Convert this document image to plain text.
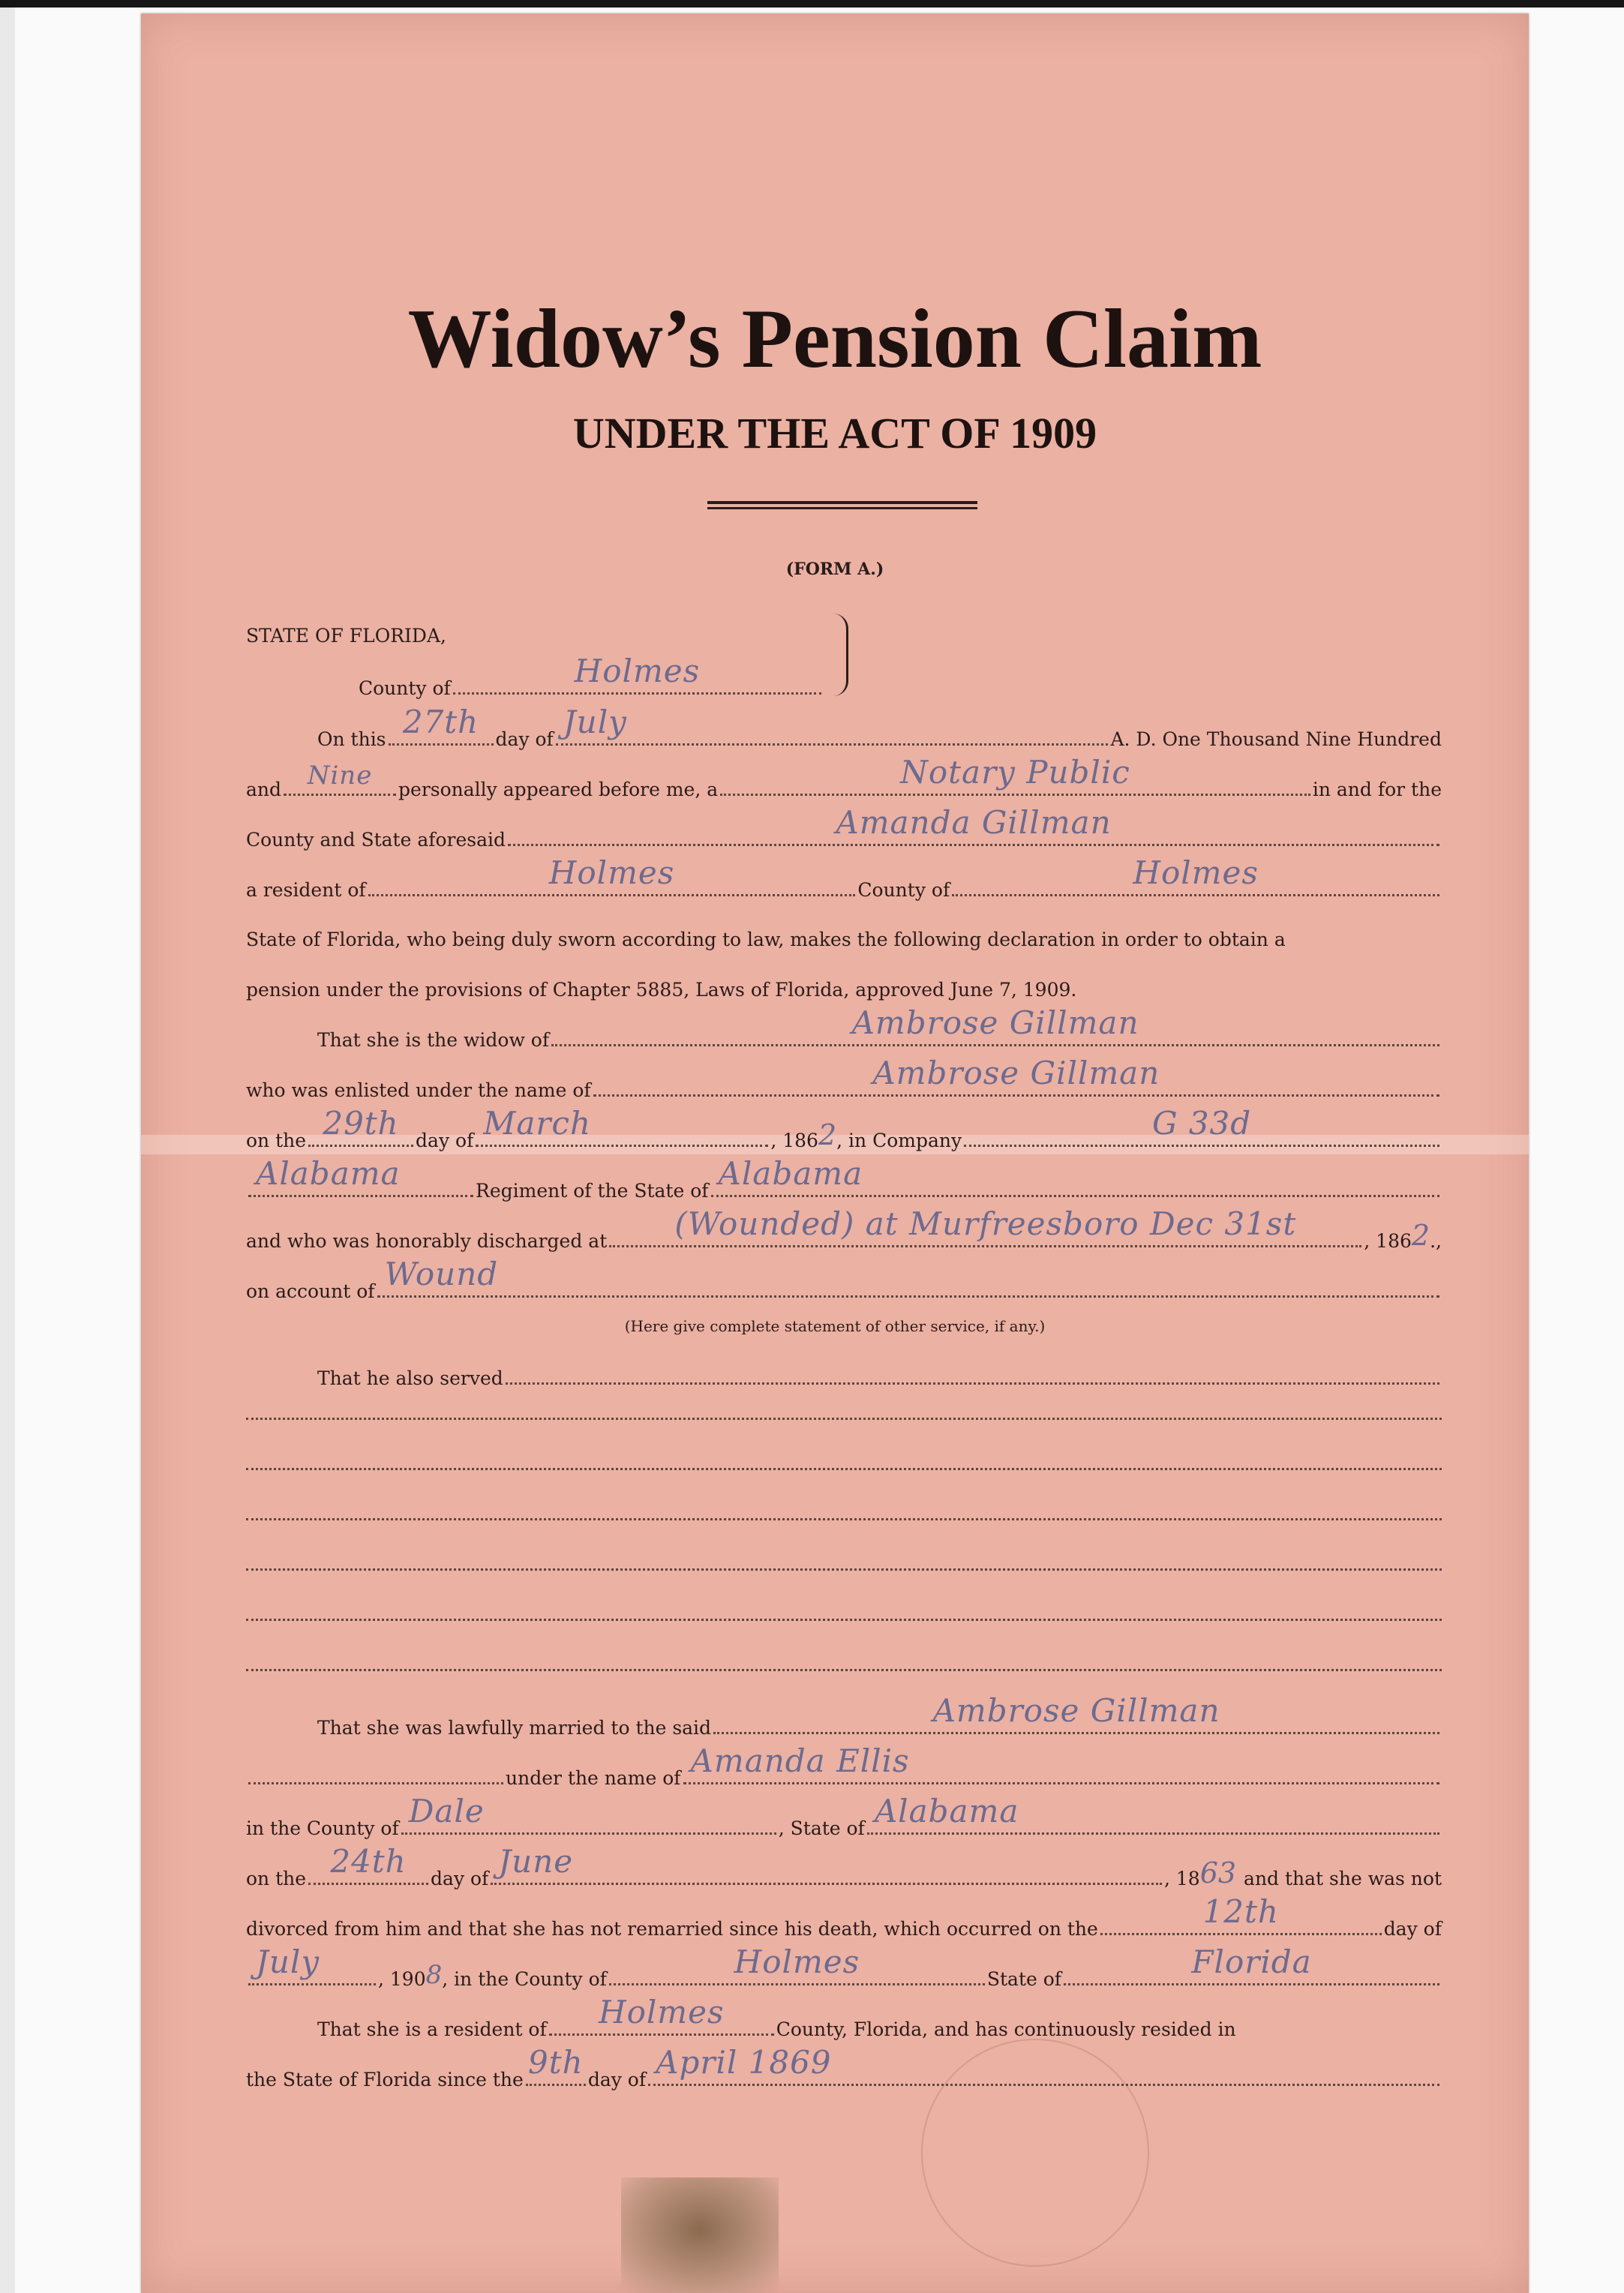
Widow’s Pension Claim
UNDER THE ACT OF 1909
(FORM A.)
STATE OF FLORIDA,
County of	Holmes
On this 27th day of July	A. D. One Thousand Nine Hundred
and	Nine	personally appeared before me, a	Notary Public	in and for the
County and State aforesaid	Amanda Gillman
a resident of	Holmes	County of	Holmes
State of Florida, who being duly sworn according to law, makes the following declaration in order to obtain a
pension under the provisions of Chapter 5885, Laws of Florida, approved June 7, 1909.
That she is the widow of	Ambrose Gillman
who was enlisted under the name of	Ambrose Gillman
on the 29th day of March	, 186 2 , in Company	G 33d
Alabama	Regiment of the State of Alabama
and who was honorably discharged at	(Wounded) at Murfreesboro Dec 31st	, 186 2 .,
on account of Wound
(Here give complete statement of other service, if any.)
That he also served
That she was lawfully married to the said	Ambrose Gillman
under the name of Amanda Ellis
in the County of Dale	, State of Alabama
on the 24th	day of June	, 18 63 and that she was not
divorced from him and that she has not remarried since his death, which occurred on the	12th	day of
July	, 190 8 , in the County of	Holmes	State of	Florida
That she is a resident of	Holmes	County, Florida, and has continuously resided in
the State of Florida since the 9th day of April 1869
